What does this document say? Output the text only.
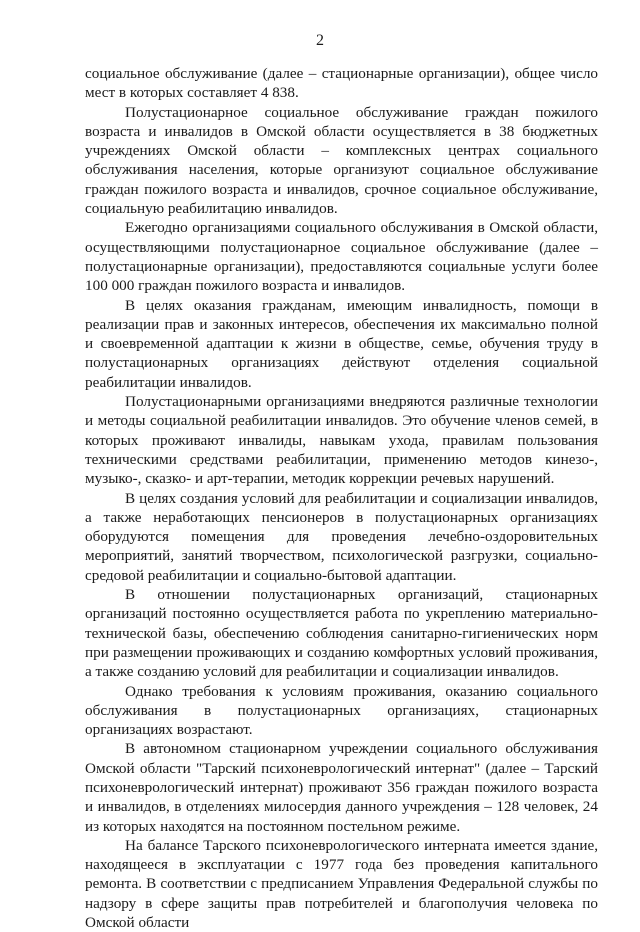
2

социальное обслуживание (далее – стационарные организации), общее число мест в которых составляет 4 838.

Полустационарное социальное обслуживание граждан пожилого возраста и инвалидов в Омской области осуществляется в 38 бюджетных учреждениях Омской области – комплексных центрах социального обслуживания населения, которые организуют социальное обслуживание граждан пожилого возраста и инвалидов, срочное социальное обслуживание, социальную реабилитацию инвалидов.

Ежегодно организациями социального обслуживания в Омской области, осуществляющими полустационарное социальное обслуживание (далее – полустационарные организации), предоставляются социальные услуги более 100 000 граждан пожилого возраста и инвалидов.

В целях оказания гражданам, имеющим инвалидность, помощи в реализации прав и законных интересов, обеспечения их максимально полной и своевременной адаптации к жизни в обществе, семье, обучения труду в полустационарных организациях действуют отделения социальной реабилитации инвалидов.

Полустационарными организациями внедряются различные технологии и методы социальной реабилитации инвалидов. Это обучение членов семей, в которых проживают инвалиды, навыкам ухода, правилам пользования техническими средствами реабилитации, применению методов кинезо-, музыко-, сказко- и арт-терапии, методик коррекции речевых нарушений.

В целях создания условий для реабилитации и социализации инвалидов, а также неработающих пенсионеров в полустационарных организациях оборудуются помещения для проведения лечебно-оздоровительных мероприятий, занятий творчеством, психологической разгрузки, социально-средовой реабилитации и социально-бытовой адаптации.

В отношении полустационарных организаций, стационарных организаций постоянно осуществляется работа по укреплению материально-технической базы, обеспечению соблюдения санитарно-гигиенических норм при размещении проживающих и созданию комфортных условий проживания, а также созданию условий для реабилитации и социализации инвалидов.

Однако требования к условиям проживания, оказанию социального обслуживания в полустационарных организациях, стационарных организациях возрастают.

В автономном стационарном учреждении социального обслуживания Омской области "Тарский психоневрологический интернат" (далее – Тарский психоневрологический интернат) проживают 356 граждан пожилого возраста и инвалидов, в отделениях милосердия данного учреждения – 128 человек, 24 из которых находятся на постоянном постельном режиме.

На балансе Тарского психоневрологического интерната имеется здание, находящееся в эксплуатации с 1977 года без проведения капитального ремонта. В соответствии с предписанием Управления Федеральной службы по надзору в сфере защиты прав потребителей и благополучия человека по Омской области
